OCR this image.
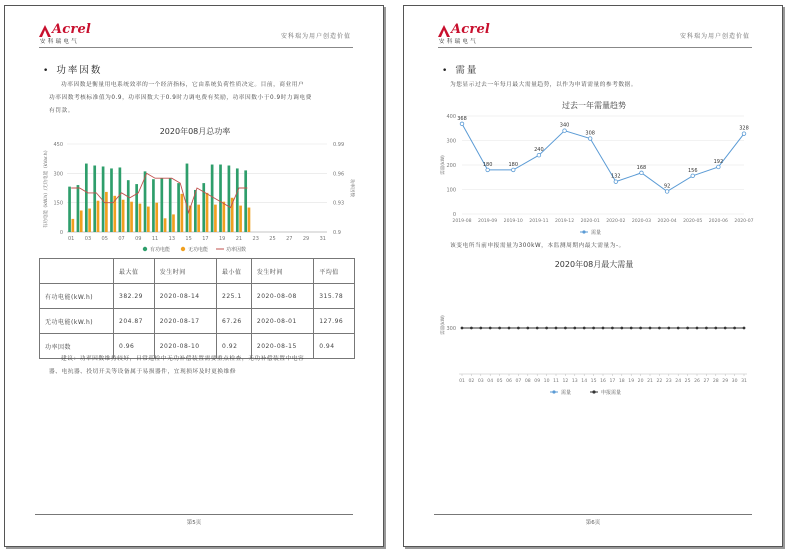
Acrel
安科瑞电气
安科瑞为用户创造价值
• 功率因数
功率因数是衡量用电系统效率的一个经济指标，它由系统负荷性质决定。目前，商业用户
功率因数考核标准值为0.9，功率因数大于0.9时力调电费有奖励，功率因数小于0.9时力调电费
有罚款。
2020年08月总功率
0
150
300
450
0.9
0.93
0.96
0.99
有功电能（kW.h）/无功电能（kVar.h）	功率因数
01 03 05 07 09 11 13 15 17 19 21 23 25 27 29 31
有功电能	无功电能	功率因数
	最大值	发生时间	最小值	发生时间	平均值
有功电能(kW.h)	382.29	2020-08-14	225.1	2020-08-08	315.78
无功电能(kW.h)	204.87	2020-08-17	67.26	2020-08-01	127.96
功率因数	0.96	2020-08-10	0.92	2020-08-15	0.94
建议：功率因数维持较好，日常巡检中无功补偿装置需要重点检查，无功补偿装置中电容
器、电抗器、投切开关等设备属于易损器件，宜现损坏及时更换维修
第5页
Acrel
安科瑞电气
安科瑞为用户创造价值
• 需量
为您显示过去一年每月最大需量趋势，以作为申请需量的参考数据。
过去一年需量趋势
0
100
200
300
400
需量(kW)
2019-08 2019-09 2019-10 2019-11 2019-12 2020-01 2020-02 2020-03 2020-04 2020-05 2020-06 2020-07
368
180	180
240
340
308
132
168
92
156
192
328
需量
该变电所当前申报需量为300kW，本监测周期内最大需量为-。
2020年08月最大需量
需量(kW) 300
01 02 03 04 05 06 07 08 09 10 11 12 13 14 15 16 17 18 19 20 21 22 23 24 25 26 27 28 29 30 31
需量	申报需量
第6页
